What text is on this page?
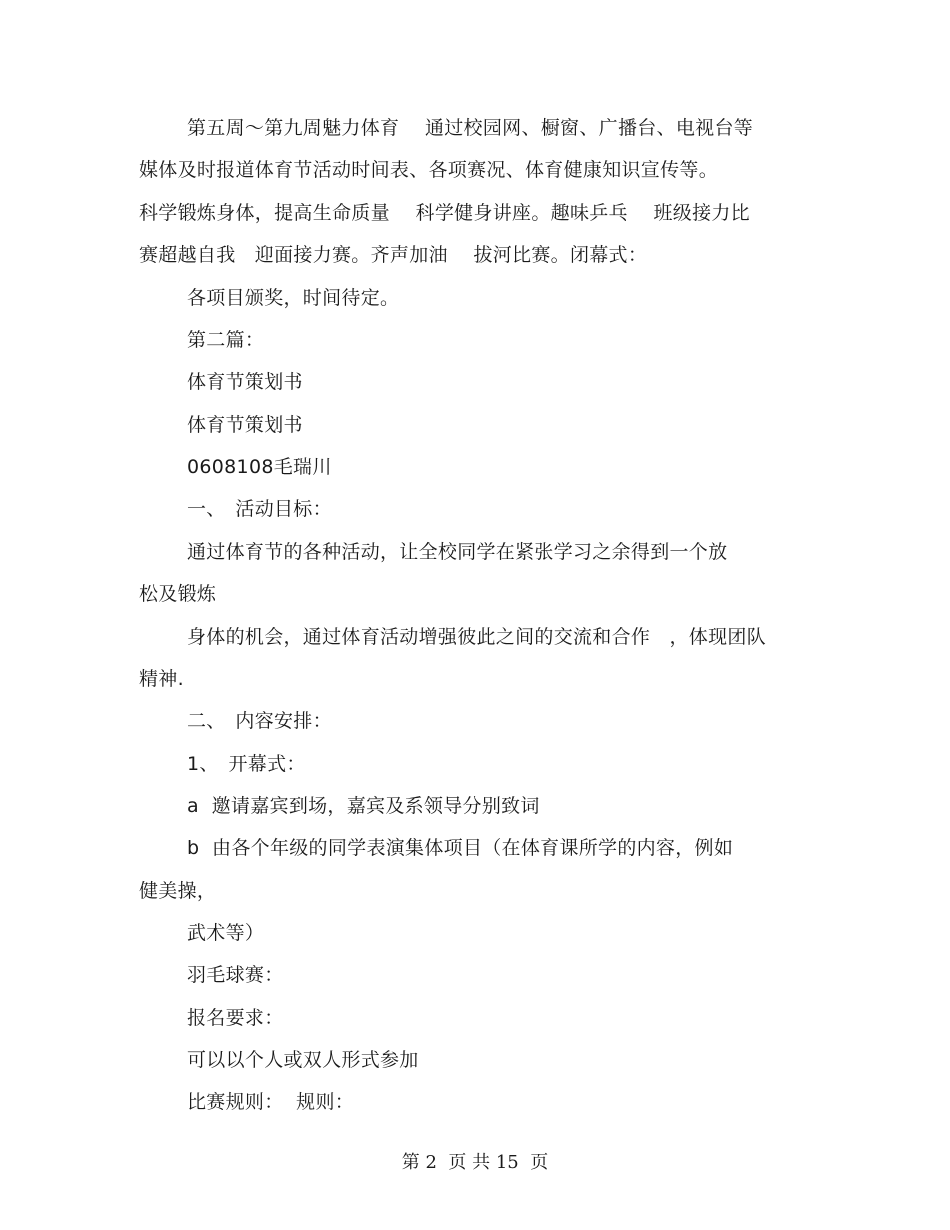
第五周～第九周魅力体育　 通过校园网、橱窗、广播台、电视台等
媒体及时报道体育节活动时间表、各项赛况、体育健康知识宣传等。
科学锻炼身体，提高生命质量　 科学健身讲座。趣味乒乓　 班级接力比
赛超越自我　迎面接力赛。齐声加油　 拔河比赛。闭幕式：
各项目颁奖，时间待定。
第二篇：
体育节策划书
体育节策划书
0608108毛瑞川
一、　活动目标：
通过体育节的各种活动，让全校同学在紧张学习之余得到一个放
松及锻炼
身体的机会，通过体育活动增强彼此之间的交流和合作　，体现团队
精神.
二、　内容安排：
1、　开幕式：
a  邀请嘉宾到场，嘉宾及系领导分别致词
b  由各个年级的同学表演集体项目（在体育课所学的内容，例如
健美操，
武术等）
羽毛球赛：
报名要求：
可以以个人或双人形式参加
比赛规则：  规则：
第 2  页 共 15  页
